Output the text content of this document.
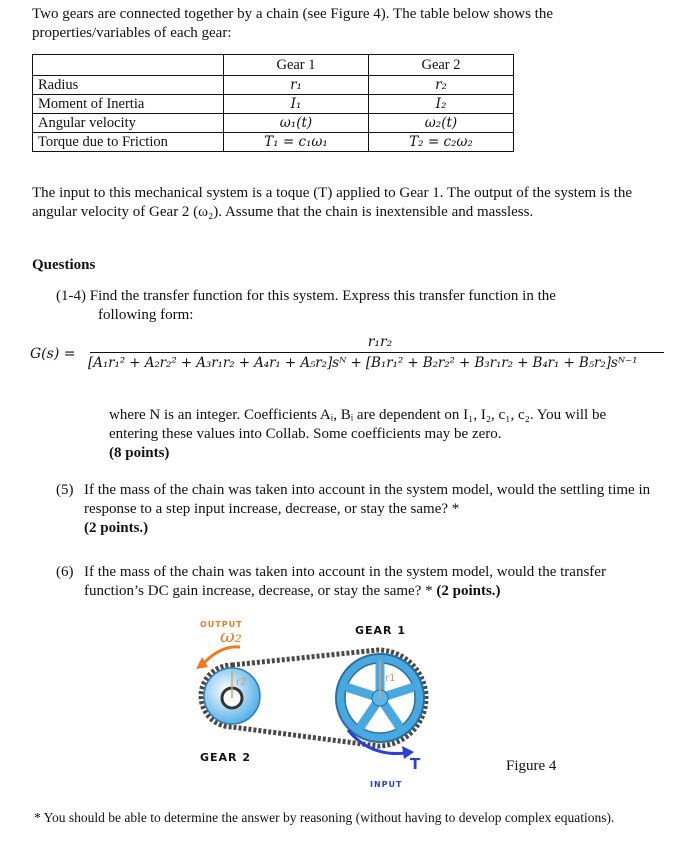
Two gears are connected together by a chain (see Figure 4). The table below shows the properties/variables of each gear:
	Gear 1	Gear 2
Radius	r₁	r₂
Moment of Inertia	I₁	I₂
Angular velocity	ω₁(t)	ω₂(t)
Torque due to Friction	T₁ = c₁ω₁	T₂ = c₂ω₂
The input to this mechanical system is a toque (T) applied to Gear 1. The output of the system is the angular velocity of Gear 2 (ω₂). Assume that the chain is inextensible and massless.
Questions
(1-4) Find the transfer function for this system. Express this transfer function in the
following form:
G(s) =
r₁r₂
[A₁r₁² + A₂r₂² + A₃r₁r₂ + A₄r₁ + A₅r₂]sᴺ + [B₁r₁² + B₂r₂² + B₃r₁r₂ + B₄r₁ + B₅r₂]sᴺ⁻¹
where N is an integer. Coefficients Aᵢ, Bᵢ are dependent on I₁, I₂, c₁, c₂. You will be entering these values into Collab. Some coefficients may be zero.
(8 points)
(5) If the mass of the chain was taken into account in the system model, would the settling time in response to a step input increase, decrease, or stay the same? *
(2 points.)
(6) If the mass of the chain was taken into account in the system model, would the transfer function’s DC gain increase, decrease, or stay the same? * (2 points.)
r2	r1
OUTPUT
ω₂	GEAR 1
GEAR 2	T
INPUT
Figure 4
* You should be able to determine the answer by reasoning (without having to develop complex equations).
